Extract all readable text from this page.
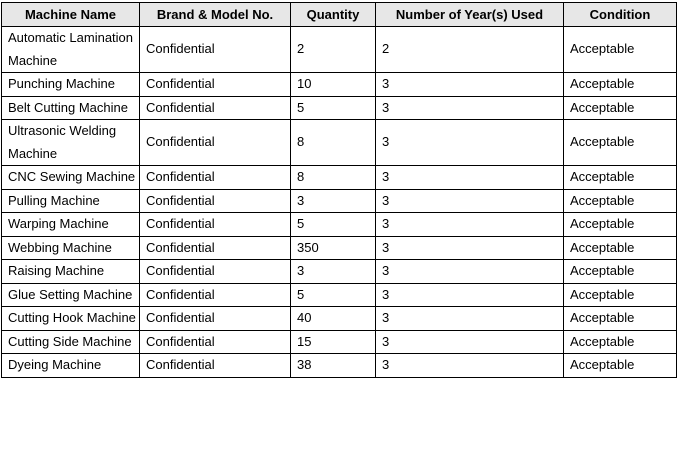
Machine Name	Brand & Model No.	Quantity	Number of Year(s) Used	Condition
Automatic Lamination Machine	Confidential	2	2	Acceptable
Punching Machine	Confidential	10	3	Acceptable
Belt Cutting Machine	Confidential	5	3	Acceptable
Ultrasonic Welding Machine	Confidential	8	3	Acceptable
CNC Sewing Machine	Confidential	8	3	Acceptable
Pulling Machine	Confidential	3	3	Acceptable
Warping Machine	Confidential	5	3	Acceptable
Webbing Machine	Confidential	350	3	Acceptable
Raising Machine	Confidential	3	3	Acceptable
Glue Setting Machine	Confidential	5	3	Acceptable
Cutting Hook Machine	Confidential	40	3	Acceptable
Cutting Side Machine	Confidential	15	3	Acceptable
Dyeing Machine	Confidential	38	3	Acceptable
